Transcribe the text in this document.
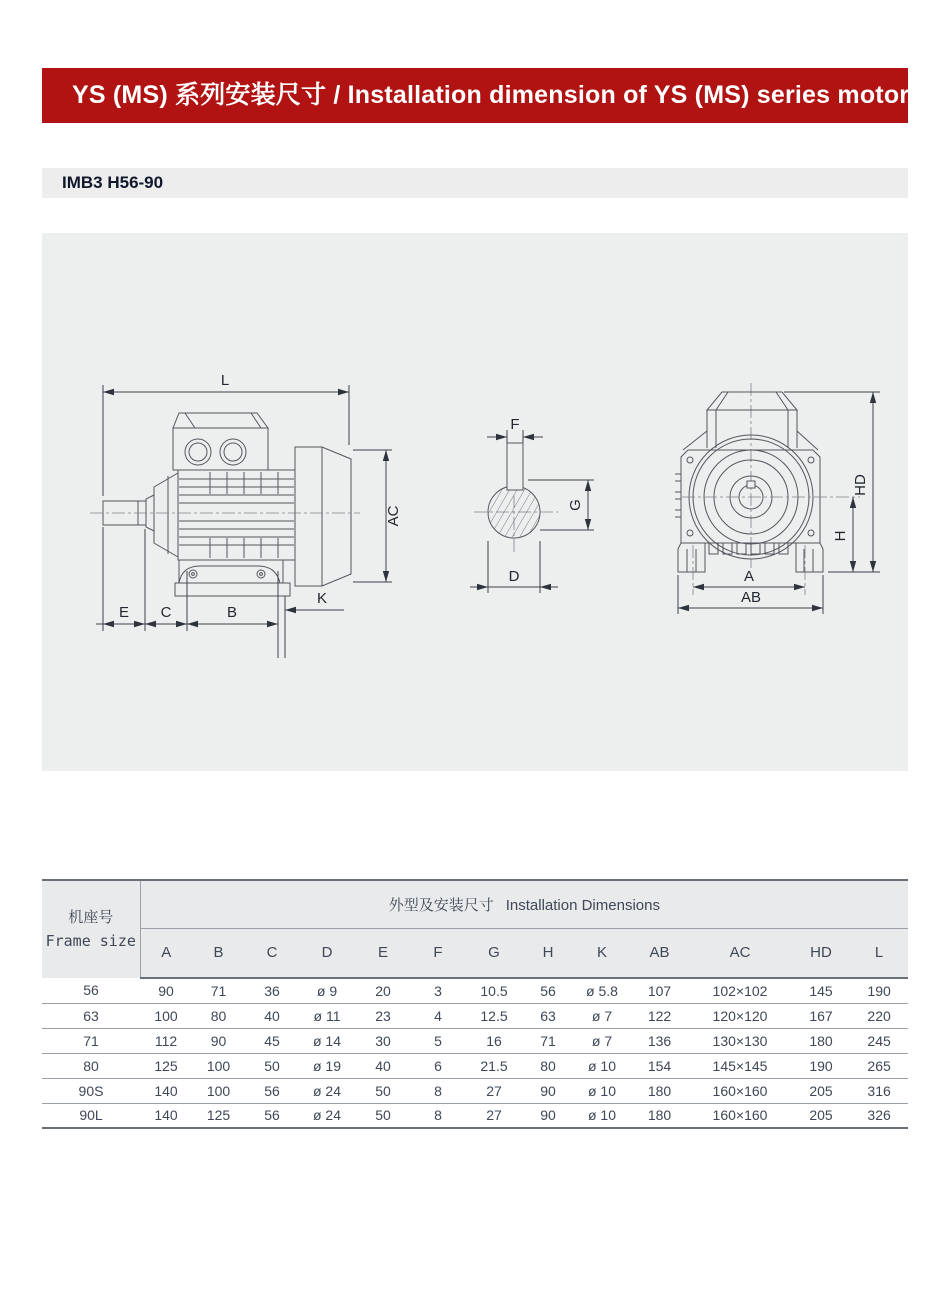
YS (MS) 系列安装尺寸 / Installation dimension of YS (MS) series motor
IMB3 H56-90
L
AC
E C	B
K
F
G
D	A
AB
HD
H
机座号
Frame size	外型及安装尺寸 Installation Dimensions												
	A	B	C	D	E	F	G	H	K	AB	AC	HD	L
56	90	71	36	ø 9	20	3	10.5	56	ø 5.8	107	102×102	145	190
63	100	80	40	ø 11	23	4	12.5	63	ø 7	122	120×120	167	220
71	112	90	45	ø 14	30	5	16	71	ø 7	136	130×130	180	245
80	125	100	50	ø 19	40	6	21.5	80	ø 10	154	145×145	190	265
90S	140	100	56	ø 24	50	8	27	90	ø 10	180	160×160	205	316
90L	140	125	56	ø 24	50	8	27	90	ø 10	180	160×160	205	326
